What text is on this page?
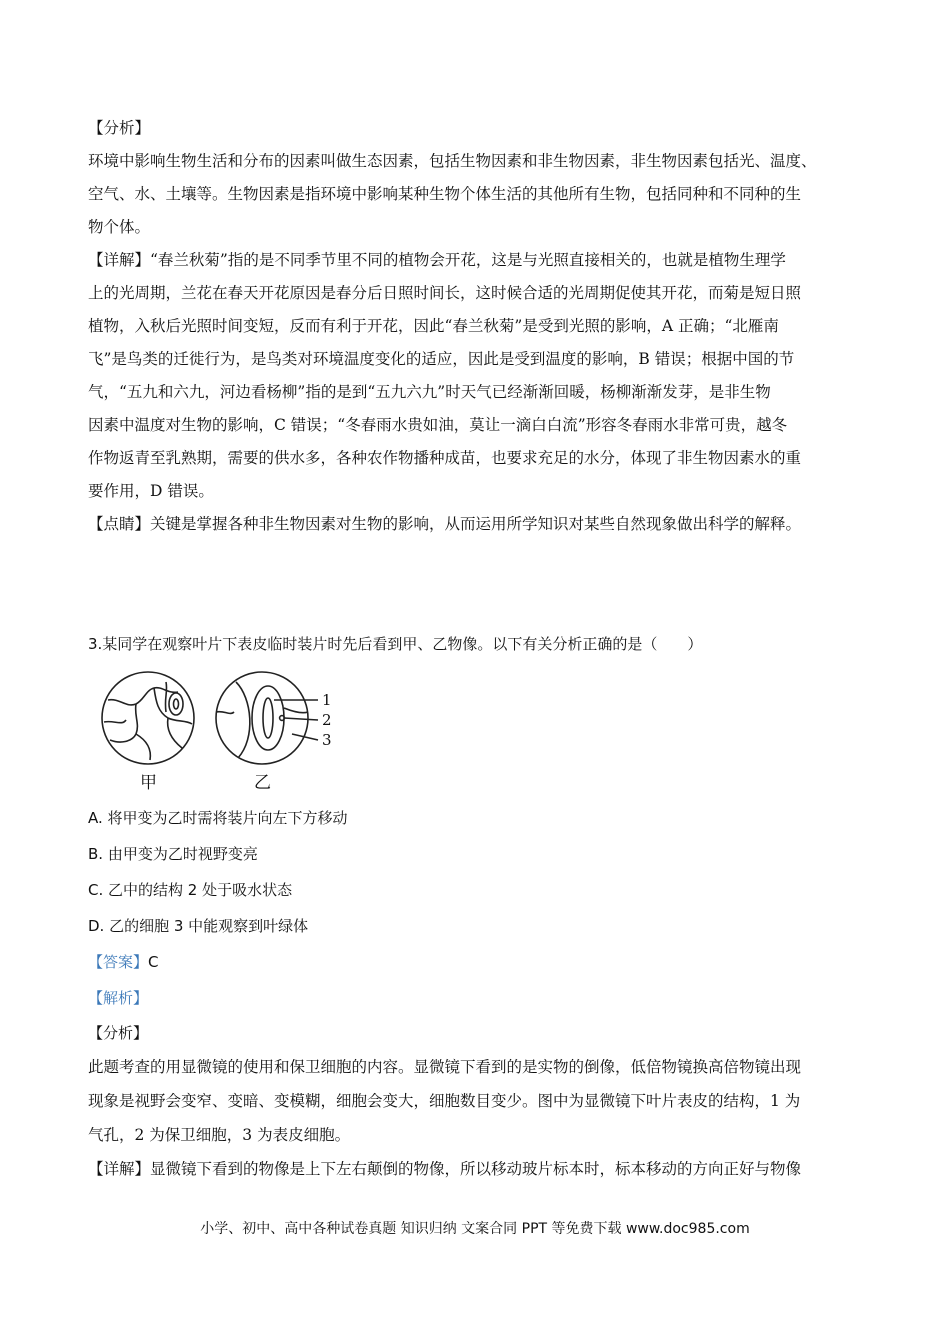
【分析】
环境中影响生物生活和分布的因素叫做生态因素，包括生物因素和非生物因素，非生物因素包括光、温度、
空气、水、土壤等。生物因素是指环境中影响某种生物个体生活的其他所有生物，包括同种和不同种的生
物个体。
【详解】“春兰秋菊”指的是不同季节里不同的植物会开花，这是与光照直接相关的，也就是植物生理学
上的光周期，兰花在春天开花原因是春分后日照时间长，这时候合适的光周期促使其开花，而菊是短日照
植物，入秋后光照时间变短，反而有利于开花，因此“春兰秋菊”是受到光照的影响，A 正确；“北雁南
飞”是鸟类的迁徙行为，是鸟类对环境温度变化的适应，因此是受到温度的影响，B 错误；根据中国的节
气，“五九和六九，河边看杨柳”指的是到“五九六九”时天气已经渐渐回暖，杨柳渐渐发芽，是非生物
因素中温度对生物的影响，C 错误；“冬春雨水贵如油，莫让一滴白白流”形容冬春雨水非常可贵，越冬
作物返青至乳熟期，需要的供水多，各种农作物播种成苗，也要求充足的水分，体现了非生物因素水的重
要作用，D 错误。
【点睛】关键是掌握各种非生物因素对生物的影响，从而运用所学知识对某些自然现象做出科学的解释。
3.某同学在观察叶片下表皮临时装片时先后看到甲、乙物像。以下有关分析正确的是（　　）
1
2
3
甲	乙
A. 将甲变为乙时需将装片向左下方移动
B. 由甲变为乙时视野变亮
C. 乙中的结构 2 处于吸水状态
D. 乙的细胞 3 中能观察到叶绿体
【答案】C
【解析】
【分析】
此题考查的用显微镜的使用和保卫细胞的内容。显微镜下看到的是实物的倒像，低倍物镜换高倍物镜出现
现象是视野会变窄、变暗、变模糊，细胞会变大，细胞数目变少。图中为显微镜下叶片表皮的结构，1 为
气孔，2 为保卫细胞，3 为表皮细胞。
【详解】显微镜下看到的物像是上下左右颠倒的物像，所以移动玻片标本时，标本移动的方向正好与物像
小学、初中、高中各种试卷真题 知识归纳 文案合同 PPT 等免费下载 www.doc985.com
